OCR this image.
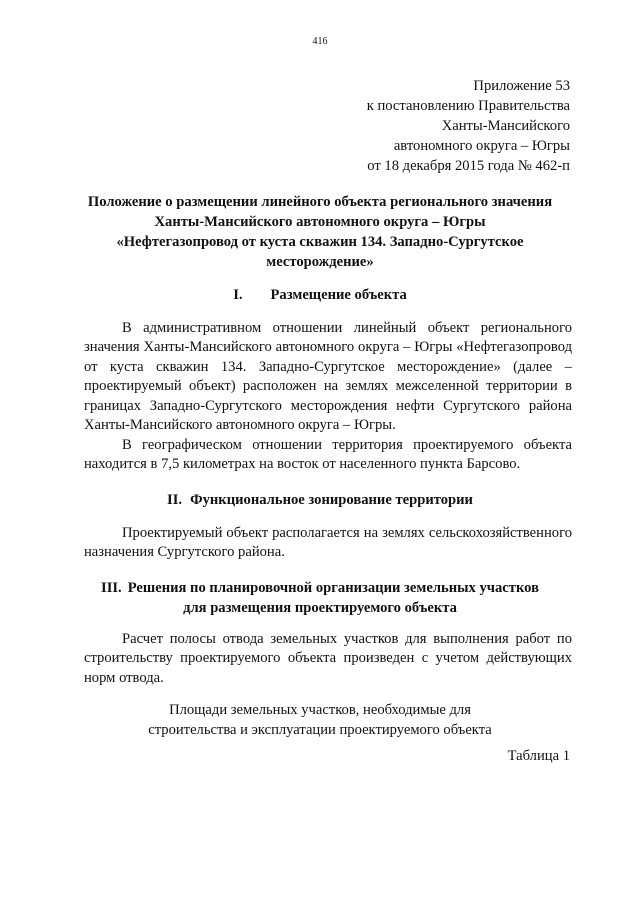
416
Приложение 53
к постановлению Правительства
Ханты-Мансийского
автономного округа – Югры
от 18 декабря 2015 года № 462-п
Положение о размещении линейного объекта регионального значения
Ханты-Мансийского автономного округа – Югры
«Нефтегазопровод от куста скважин 134. Западно-Сургутское
месторождение»
I. Размещение объекта

В административном отношении линейный объект регионального значения Ханты-Мансийского автономного округа – Югры «Нефтегазопровод от куста скважин 134. Западно-Сургутское месторождение» (далее – проектируемый объект) расположен на землях межселенной территории в границах Западно-Сургутского месторождения нефти Сургутского района Ханты-Мансийского автономного округа – Югры.

В географическом отношении территория проектируемого объекта находится в 7,5 километрах на восток от населенного пункта Барсово.

II. Функциональное зонирование территории

Проектируемый объект располагается на землях сельскохозяйственного назначения Сургутского района.

III. Решения по планировочной организации земельных участков
для размещения проектируемого объекта

Расчет полосы отвода земельных участков для выполнения работ по строительству проектируемого объекта произведен с учетом действующих норм отвода.

Площади земельных участков, необходимые для
строительства и эксплуатации проектируемого объекта
Таблица 1
